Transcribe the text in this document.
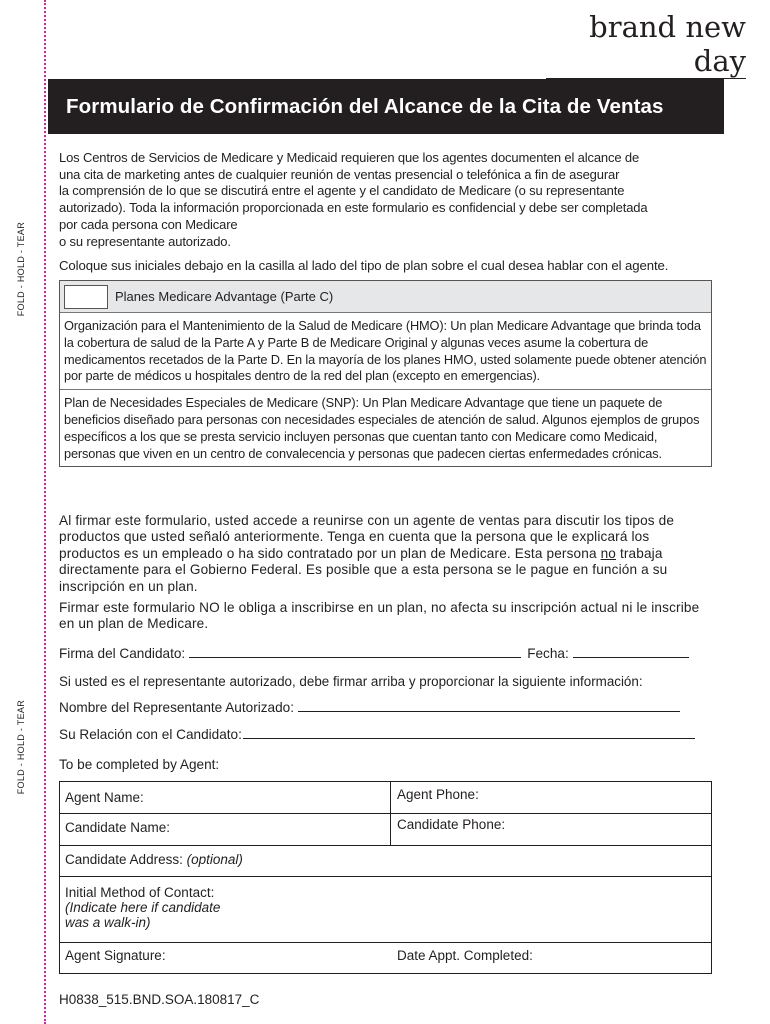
FOLD - HOLD - TEAR
FOLD - HOLD - TEAR
brand new day
Formulario de Confirmación del Alcance de la Cita de Ventas

Los Centros de Servicios de Medicare y Medicaid requieren que los agentes documenten el alcance de

una cita de marketing antes de cualquier reunión de ventas presencial o telefónica a fin de asegurar

la comprensión de lo que se discutirá entre el agente y el candidato de Medicare (o su representante

autorizado). Toda la información proporcionada en este formulario es confidencial y debe ser completada

por cada persona con Medicare

o su representante autorizado.

Coloque sus iniciales debajo en la casilla al lado del tipo de plan sobre el cual desea hablar con el agente.
Planes Medicare Advantage (Parte C)
Organización para el Mantenimiento de la Salud de Medicare (HMO): Un plan Medicare Advantage que brinda toda la cobertura de salud de la Parte A y Parte B de Medicare Original y algunas veces asume la cobertura de medicamentos recetados de la Parte D. En la mayoría de los planes HMO, usted solamente puede obtener atención por parte de médicos u hospitales dentro de la red del plan (excepto en emergencias).
Plan de Necesidades Especiales de Medicare (SNP): Un Plan Medicare Advantage que tiene un paquete de beneficios diseñado para personas con necesidades especiales de atención de salud. Algunos ejemplos de grupos específicos a los que se presta servicio incluyen personas que cuentan tanto con Medicare como Medicaid, personas que viven en un centro de convalecencia y personas que padecen ciertas enfermedades crónicas.

Al firmar este formulario, usted accede a reunirse con un agente de ventas para discutir los tipos de productos que usted señaló anteriormente. Tenga en cuenta que la persona que le explicará los productos es un empleado o ha sido contratado por un plan de Medicare. Esta persona no trabaja directamente para el Gobierno Federal. Es posible que a esta persona se le pague en función a su inscripción en un plan.

Firmar este formulario NO le obliga a inscribirse en un plan, no afecta su inscripción actual ni le inscribe en un plan de Medicare.

Firma del Candidato:	Fecha:
Si usted es el representante autorizado, debe firmar arriba y proporcionar la siguiente información:
Nombre del Representante Autorizado:
Su Relación con el Candidato:
To be completed by Agent:
Agent Name:	Agent Phone:
Candidate Name:	Candidate Phone:
Candidate Address: (optional)
Initial Method of Contact:
(Indicate here if candidate
was a walk-in)
Agent Signature:	Date Appt. Completed:
H0838_515.BND.SOA.180817_C
